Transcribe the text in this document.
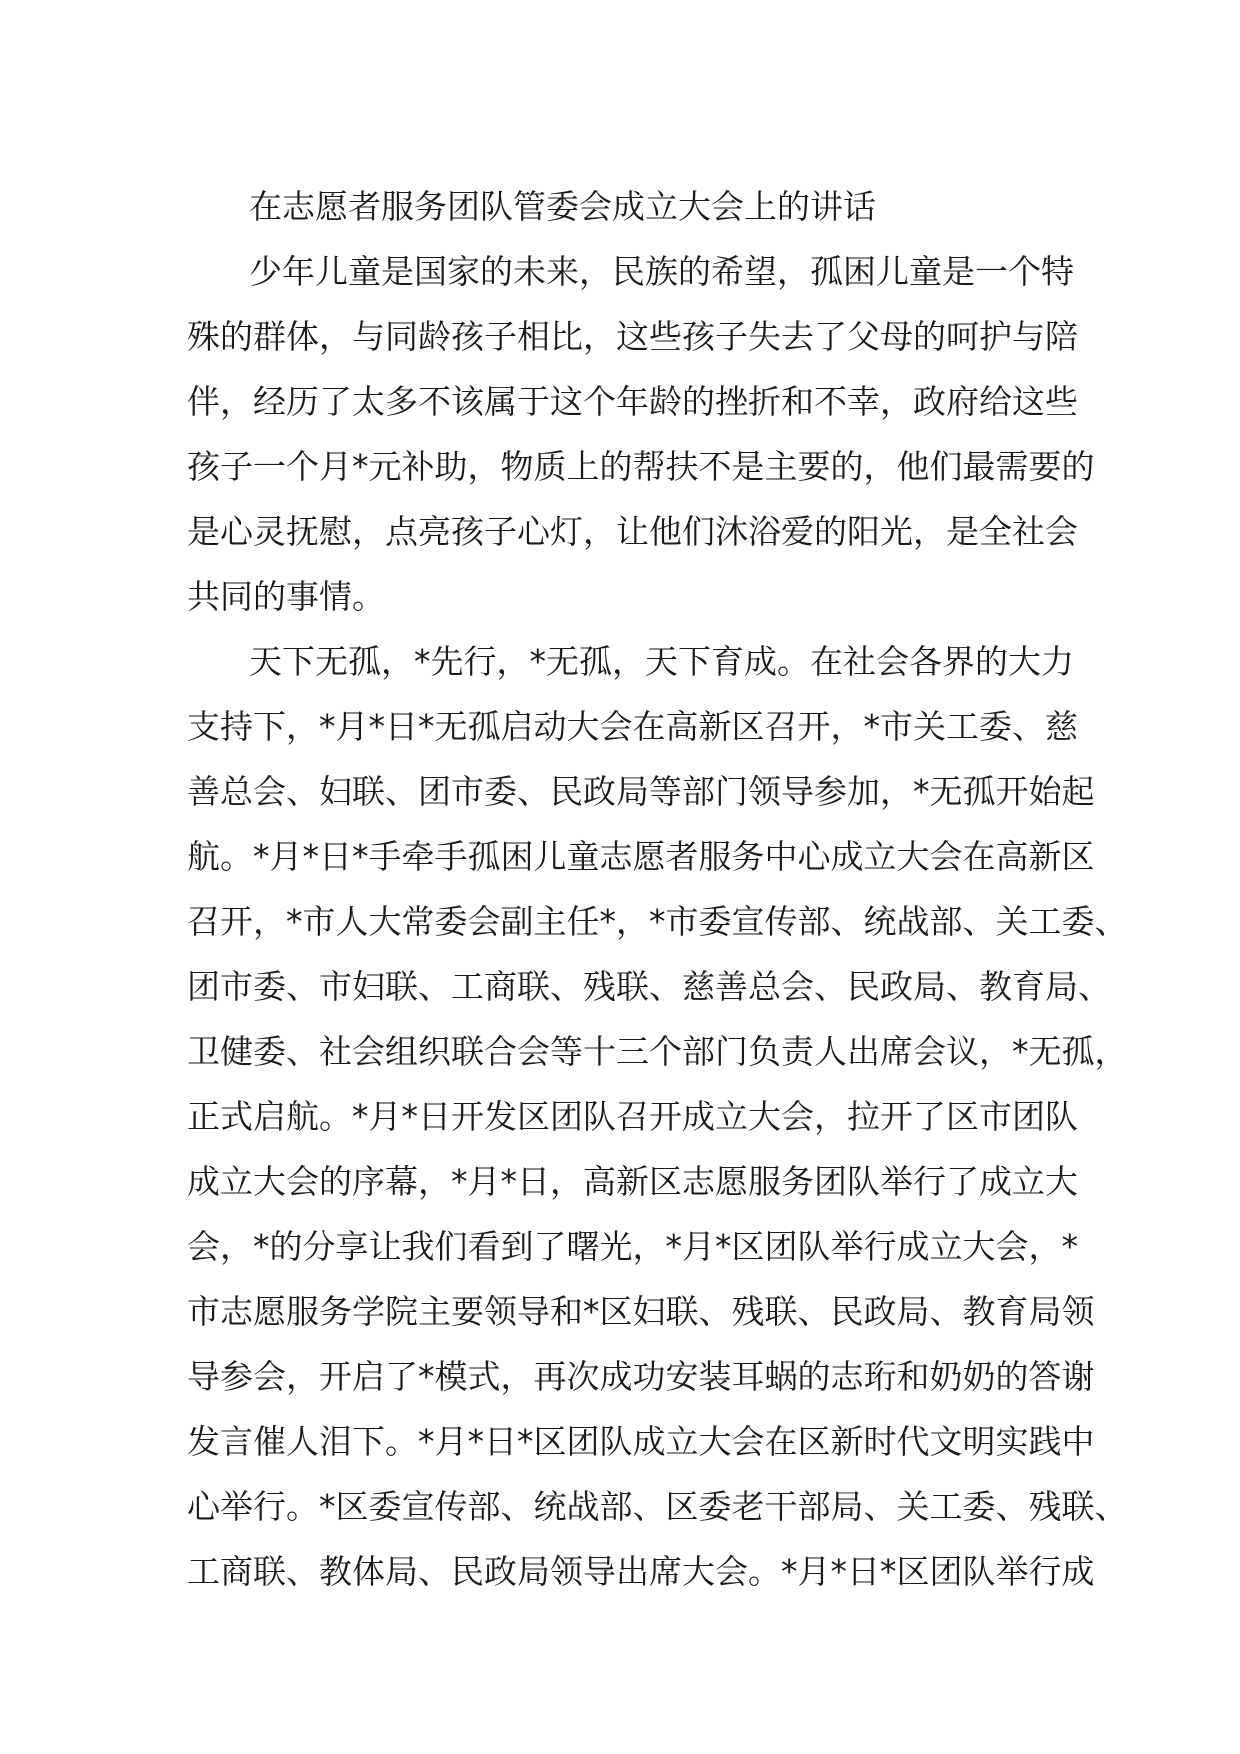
在志愿者服务团队管委会成立大会上的讲话
少年儿童是国家的未来，民族的希望，孤困儿童是一个特
殊的群体，与同龄孩子相比，这些孩子失去了父母的呵护与陪
伴，经历了太多不该属于这个年龄的挫折和不幸，政府给这些
孩子一个月*元补助，物质上的帮扶不是主要的，他们最需要的
是心灵抚慰，点亮孩子心灯，让他们沐浴爱的阳光，是全社会
共同的事情。
天下无孤，*先行，*无孤，天下育成。在社会各界的大力
支持下，*月*日*无孤启动大会在高新区召开，*市关工委、慈
善总会、妇联、团市委、民政局等部门领导参加，*无孤开始起
航。*月*日*手牵手孤困儿童志愿者服务中心成立大会在高新区
召开，*市人大常委会副主任*，*市委宣传部、统战部、关工委、
团市委、市妇联、工商联、残联、慈善总会、民政局、教育局、
卫健委、社会组织联合会等十三个部门负责人出席会议，*无孤，
正式启航。*月*日开发区团队召开成立大会，拉开了区市团队
成立大会的序幕，*月*日，高新区志愿服务团队举行了成立大
会，*的分享让我们看到了曙光，*月*区团队举行成立大会，*
市志愿服务学院主要领导和*区妇联、残联、民政局、教育局领
导参会，开启了*模式，再次成功安装耳蜗的志珩和奶奶的答谢
发言催人泪下。*月*日*区团队成立大会在区新时代文明实践中
心举行。*区委宣传部、统战部、区委老干部局、关工委、残联、
工商联、教体局、民政局领导出席大会。*月*日*区团队举行成
